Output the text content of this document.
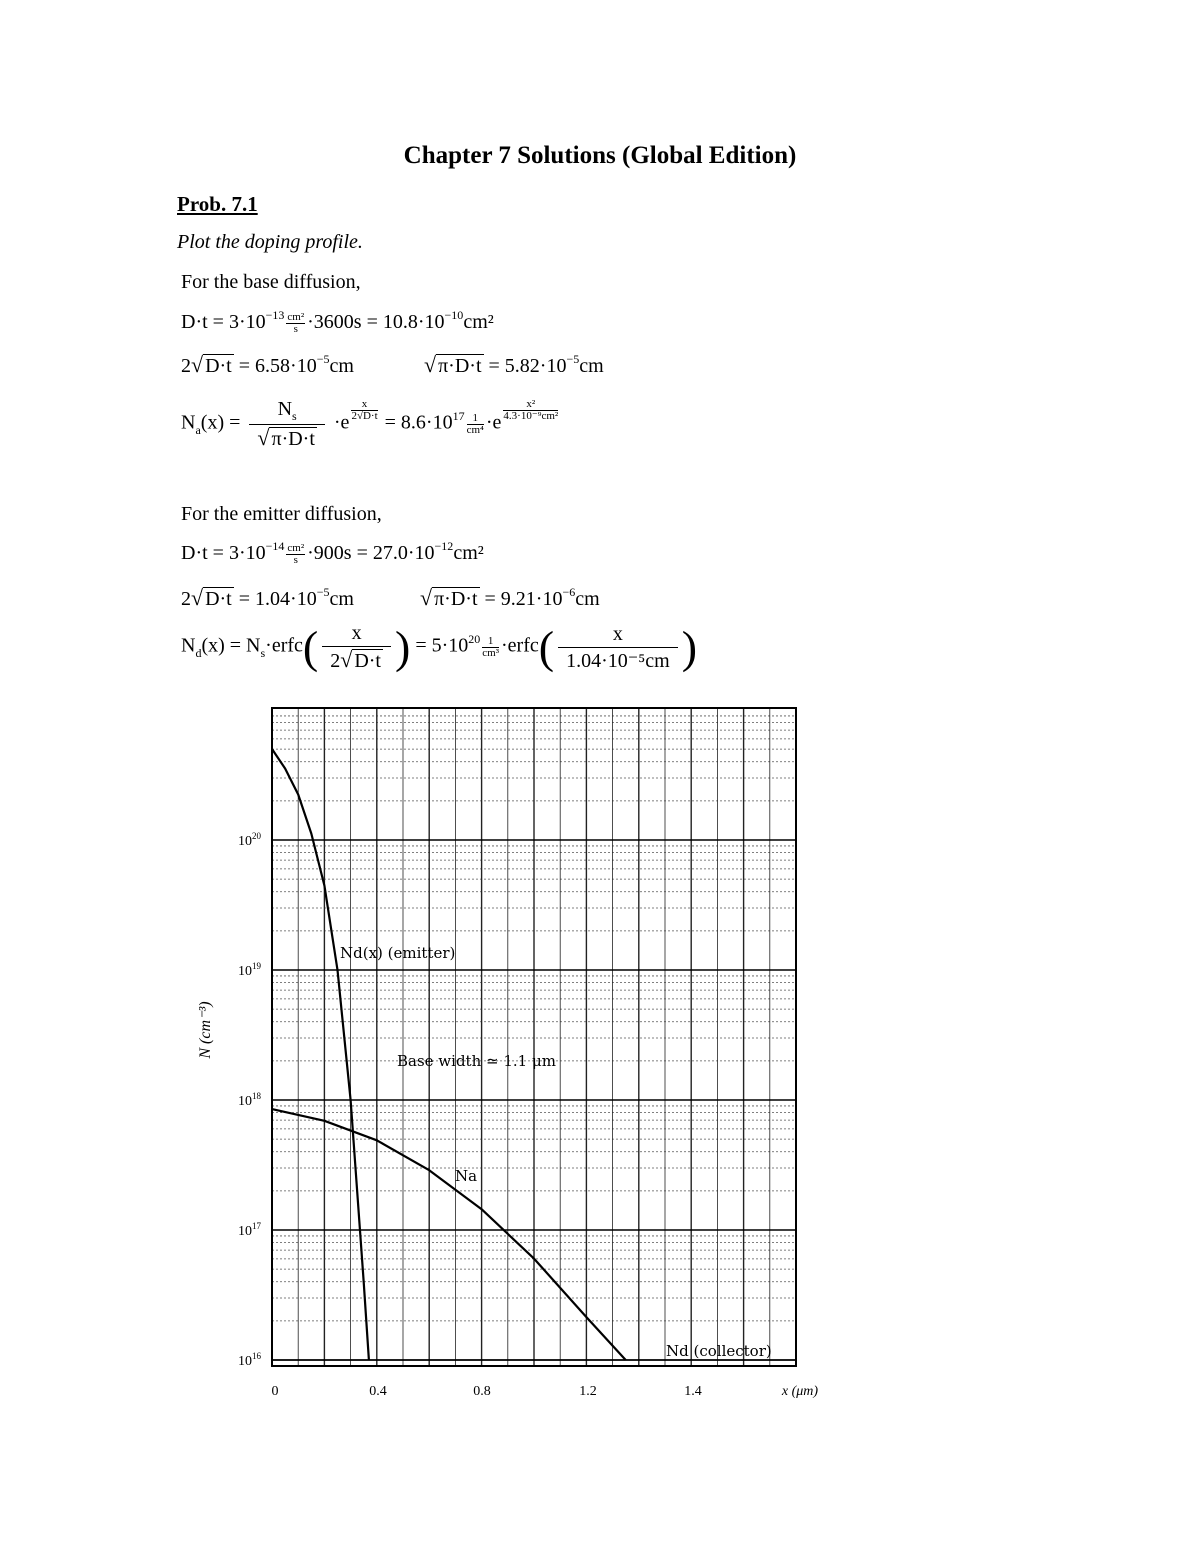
Chapter 7 Solutions (Global Edition)
Prob. 7.1
Plot the doping profile.
For the base diffusion,
$D\cdot t = 3\cdot 10^{-13} \frac{\text{cm²}}{s} \cdot 3600s = 10.8\cdot 10^{-10}cm^2$
2√ $D\cdot t = 6.58\cdot 10^{-5}cm$	√ $\pi\cdot D\cdot t = 5.82\cdot 10^{-5}cm$
$N_a(x) = \frac{N_s}{√ \pi\cdot D\cdot t} \cdot e$
$\frac{x}{2√D\cdot t}$
= $8.6\cdot 10^{17} \frac{1}{\text{cm⁴}} \cdot e$
$\frac{\text{x²}}{\text{4.3·10⁻⁹cm²}}$
For the emitter diffusion,
$D\cdot t = 3\cdot 10^{-14} \frac{\text{cm²}}{s} \cdot 900s = 27.0\cdot 10^{-12}cm^2$
2√ $D\cdot t = 1.04\cdot 10^{-5}cm$	√ $\pi\cdot D\cdot t = 9.21\cdot 10^{-6}cm$
$N_d(x)$ = $N_s\cdot erfc( \frac{x}{2√ D\cdot t}$ ) = $5\cdot 10^{20} \frac{1}{\text{cm³}}$ ·erfc( $\frac{x}{\text{1.04·10⁻⁵cm}}$ )
N (cm⁻³)
Nd(x) (emitter)
Base width ≃ 1.1 μm
Na
Nd (collector)
$10^{20}$
$10^{19}$
$10^{18}$
$10^{17}$
$10^{16}$
0	0.4	0.8	1.2	1.4	x (μm)
